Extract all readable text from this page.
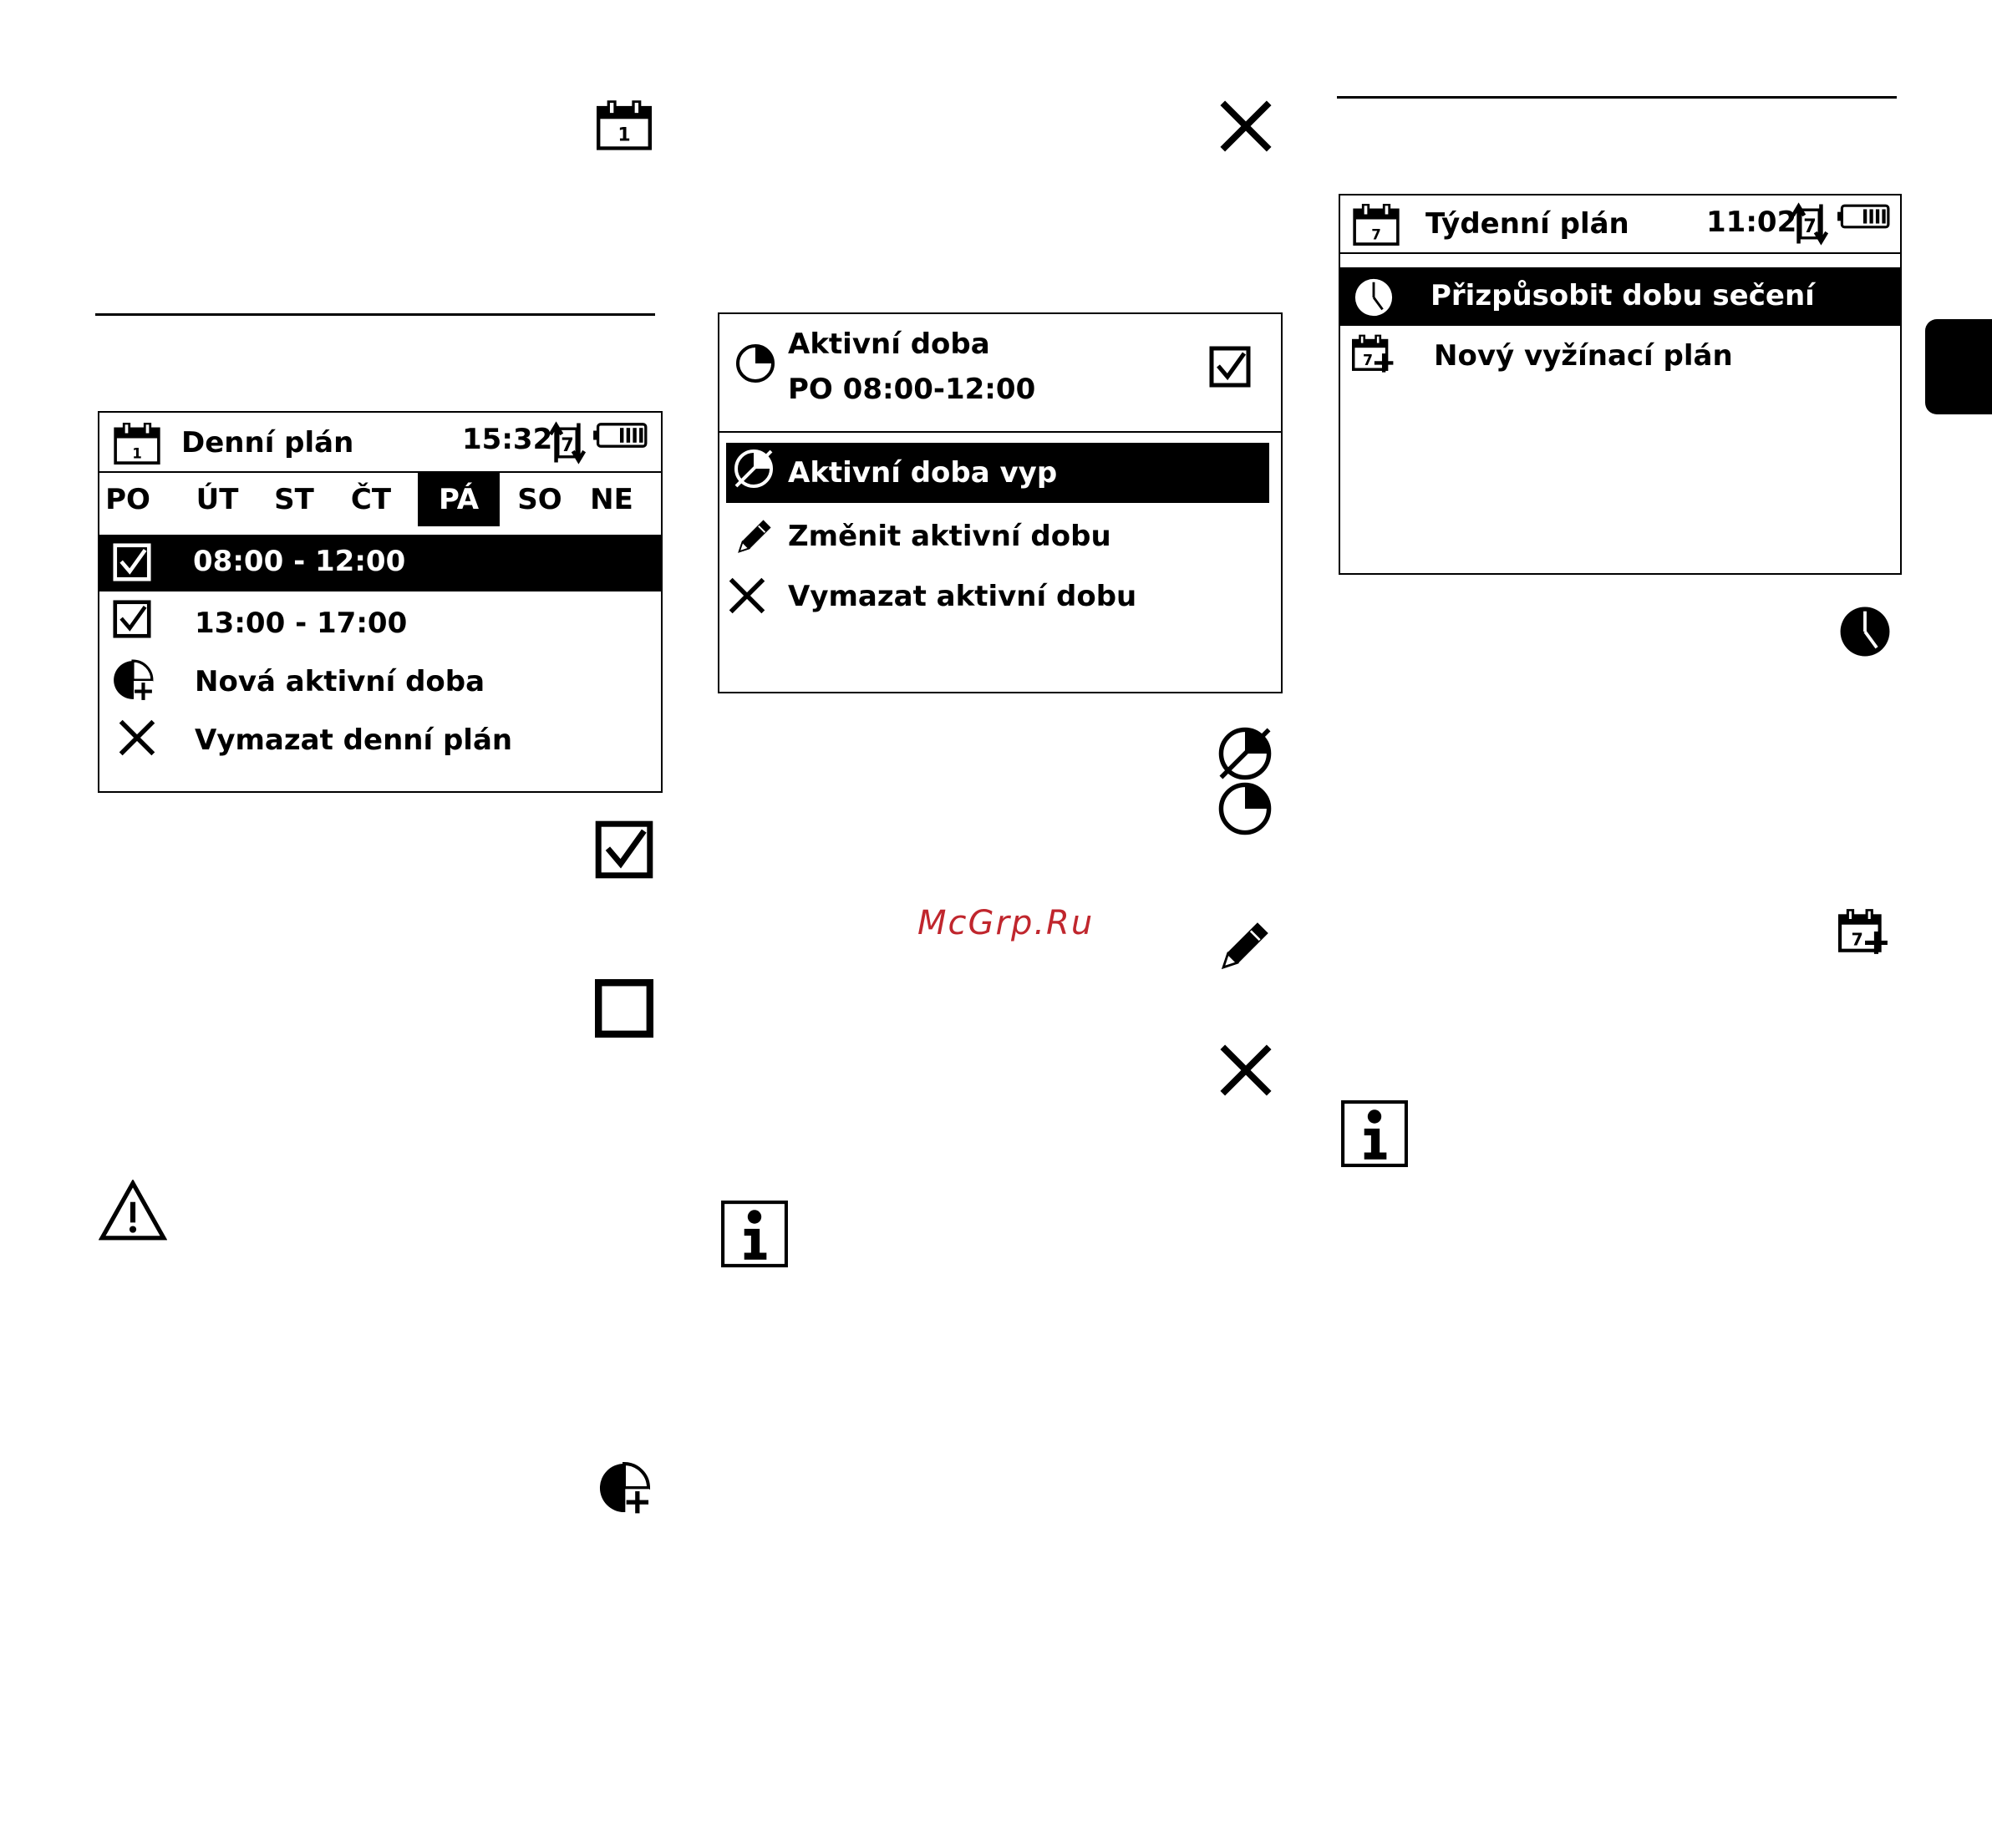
1
1 Denní plán	15:32
PO ÚT ST ČT	PÁ	SO NE
08:00 - 12:00
13:00 - 17:00
Nová aktivní doba
Vymazat denní plán
Aktivní doba
PO 08:00-12:00
Aktivní doba vyp
Změnit aktivní dobu
Vymazat aktivní dobu
McGrp.Ru
7 Týdenní plán	11:02
Přizpůsobit dobu sečení
Nový vyžínací plán
